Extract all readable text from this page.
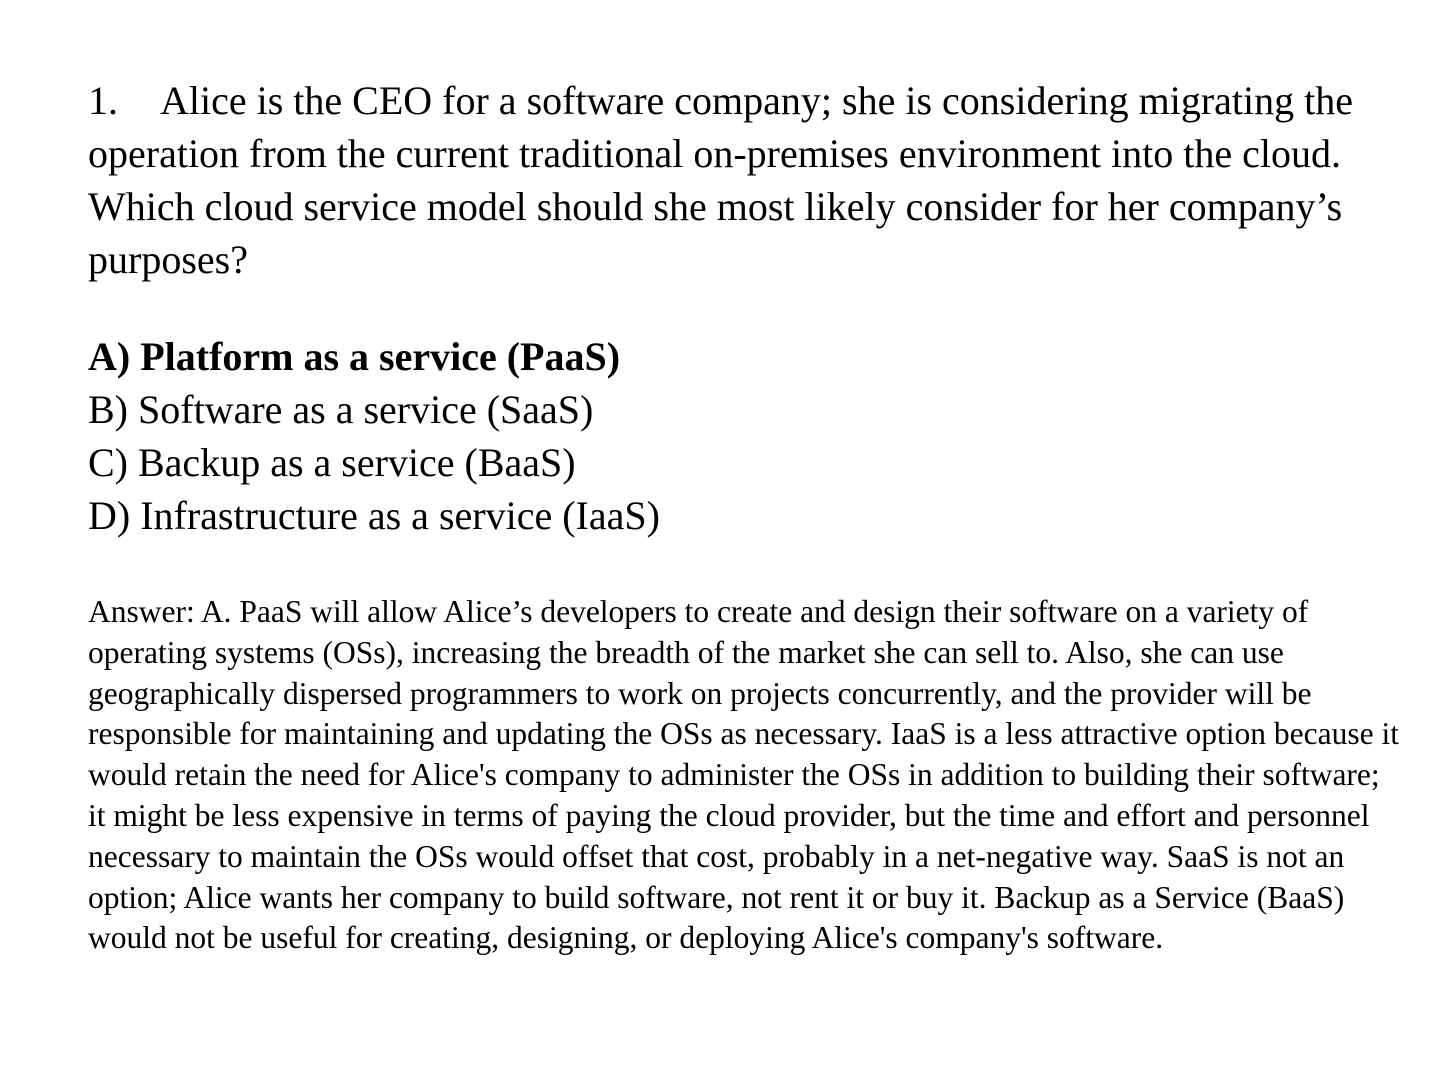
1. Alice is the CEO for a software company; she is considering migrating the operation from the current traditional on-premises environment into the cloud. Which cloud service model should she most likely consider for her company’s purposes?

A) Platform as a service (PaaS)
B) Software as a service (SaaS)
C) Backup as a service (BaaS)
D) Infrastructure as a service (IaaS)

Answer: A. PaaS will allow Alice’s developers to create and design their software on a variety of operating systems (OSs), increasing the breadth of the market she can sell to. Also, she can use geographically dispersed programmers to work on projects concurrently, and the provider will be responsible for maintaining and updating the OSs as necessary. IaaS is a less attractive option because it would retain the need for Alice's company to administer the OSs in addition to building their software; it might be less expensive in terms of paying the cloud provider, but the time and effort and personnel necessary to maintain the OSs would offset that cost, probably in a net-negative way. SaaS is not an option; Alice wants her company to build software, not rent it or buy it. Backup as a Service (BaaS) would not be useful for creating, designing, or deploying Alice's company's software.
